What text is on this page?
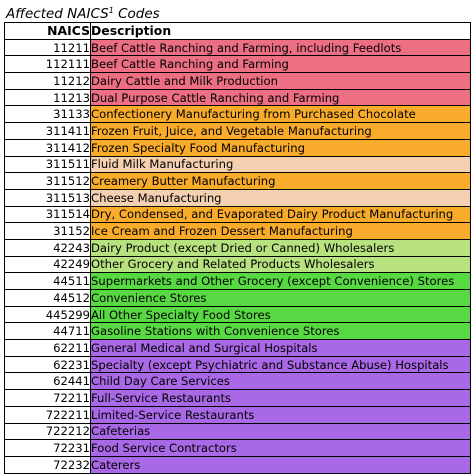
Affected NAICS$^1$ Codes
NAICS	Description
11211	Beef Cattle Ranching and Farming, including Feedlots
112111	Beef Cattle Ranching and Farming
11212	Dairy Cattle and Milk Production
11213	Dual Purpose Cattle Ranching and Farming
31133	Confectionery Manufacturing from Purchased Chocolate
311411	Frozen Fruit, Juice, and Vegetable Manufacturing
311412	Frozen Specialty Food Manufacturing
311511	Fluid Milk Manufacturing
311512	Creamery Butter Manufacturing
311513	Cheese Manufacturing
311514	Dry, Condensed, and Evaporated Dairy Product Manufacturing
31152	Ice Cream and Frozen Dessert Manufacturing
42243	Dairy Product (except Dried or Canned) Wholesalers
42249	Other Grocery and Related Products Wholesalers
44511	Supermarkets and Other Grocery (except Convenience) Stores
44512	Convenience Stores
445299	All Other Specialty Food Stores
44711	Gasoline Stations with Convenience Stores
62211	General Medical and Surgical Hospitals
62231	Specialty (except Psychiatric and Substance Abuse) Hospitals
62441	Child Day Care Services
72211	Full-Service Restaurants
722211	Limited-Service Restaurants
722212	Cafeterias
72231	Food Service Contractors
72232	Caterers
